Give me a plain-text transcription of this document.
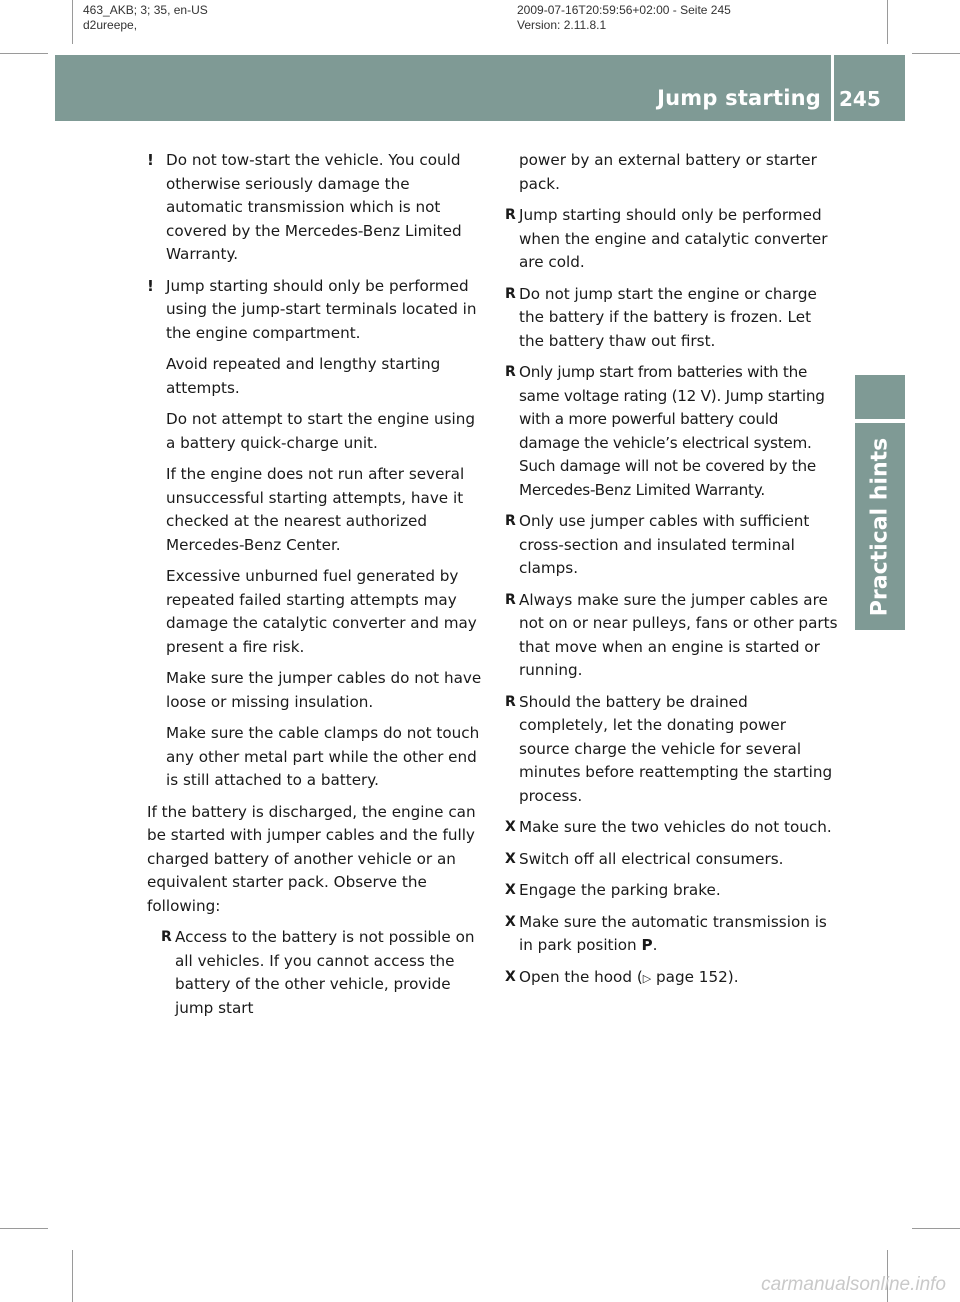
463_AKB; 3; 35, en-US
d2ureepe,
2009-07-16T20:59:56+02:00 - Seite 245
Version: 2.11.8.1
Jump starting 245
Practical hints
! Do not tow-start the vehicle. You could otherwise seriously damage the automatic transmission which is not covered by the Mercedes-Benz Limited Warranty.

! Jump starting should only be performed using the jump-start terminals located in the engine compartment.

Avoid repeated and lengthy starting attempts.

Do not attempt to start the engine using a battery quick-charge unit.

If the engine does not run after several unsuccessful starting attempts, have it checked at the nearest authorized Mercedes-Benz Center.

Excessive unburned fuel generated by repeated failed starting attempts may damage the catalytic converter and may present a fire risk.

Make sure the jumper cables do not have loose or missing insulation.

Make sure the cable clamps do not touch any other metal part while the other end is still attached to a battery.

If the battery is discharged, the engine can be started with jumper cables and the fully charged battery of another vehicle or an equivalent starter pack. Observe the following:

R Access to the battery is not possible on all vehicles. If you cannot access the battery of the other vehicle, provide jump start

power by an external battery or starter pack.

R Jump starting should only be performed when the engine and catalytic converter are cold.
R Do not jump start the engine or charge the battery if the battery is frozen. Let the battery thaw out first.
R Only jump start from batteries with the same voltage rating (12 V). Jump starting with a more powerful battery could damage the vehicle’s electrical system. Such damage will not be covered by the Mercedes-Benz Limited Warranty.
R Only use jumper cables with sufficient cross-section and insulated terminal clamps.
R Always make sure the jumper cables are not on or near pulleys, fans or other parts that move when an engine is started or running.
R Should the battery be drained completely, let the donating power source charge the vehicle for several minutes before reattempting the starting process.
X Make sure the two vehicles do not touch.
X Switch off all electrical consumers.
X Engage the parking brake.
X Make sure the automatic transmission is in park position P.
X Open the hood (▷ page 152).
carmanualsonline.info
